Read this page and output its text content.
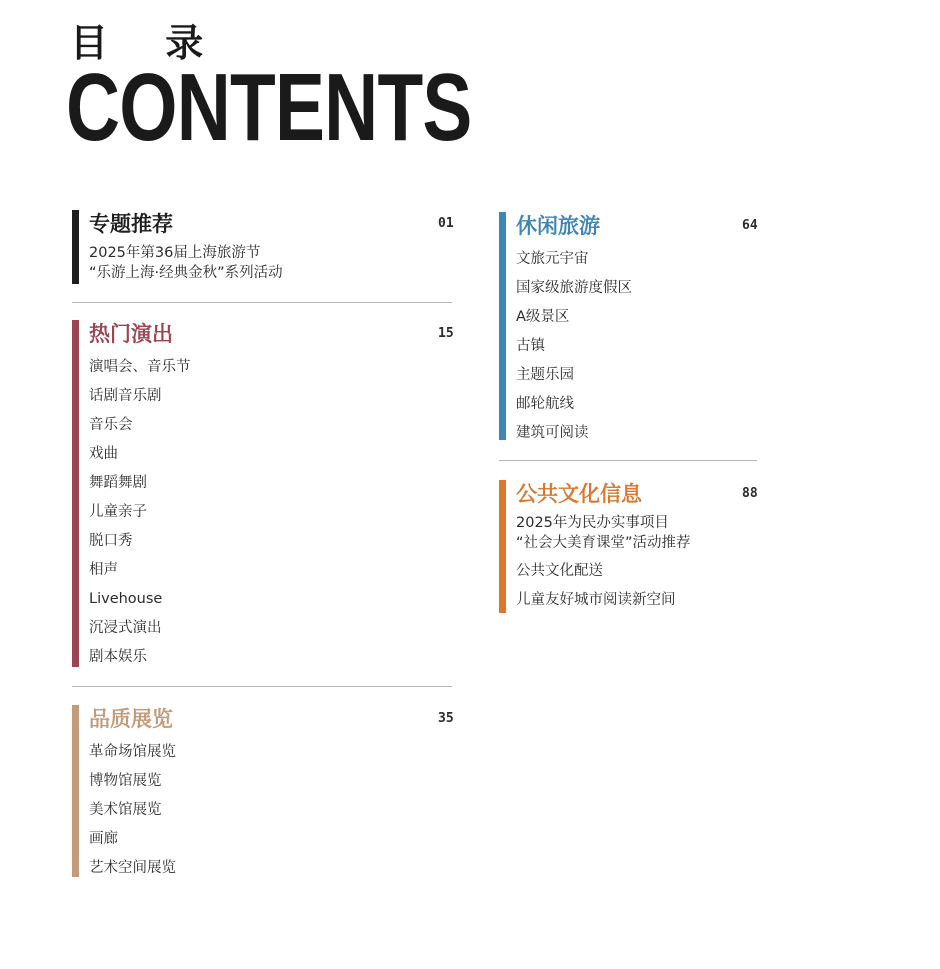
目 录
CONTENTS
专题推荐	01
2025年第36届上海旅游节
“乐游上海·经典金秋”系列活动
热门演出	15
演唱会、音乐节
话剧音乐剧
音乐会
戏曲
舞蹈舞剧
儿童亲子
脱口秀
相声
Livehouse
沉浸式演出
剧本娱乐
品质展览	35
革命场馆展览
博物馆展览
美术馆展览
画廊
艺术空间展览
休闲旅游	64
文旅元宇宙
国家级旅游度假区
A级景区
古镇
主题乐园
邮轮航线
建筑可阅读
公共文化信息	88
2025年为民办实事项目
“社会大美育课堂”活动推荐
公共文化配送
儿童友好城市阅读新空间
